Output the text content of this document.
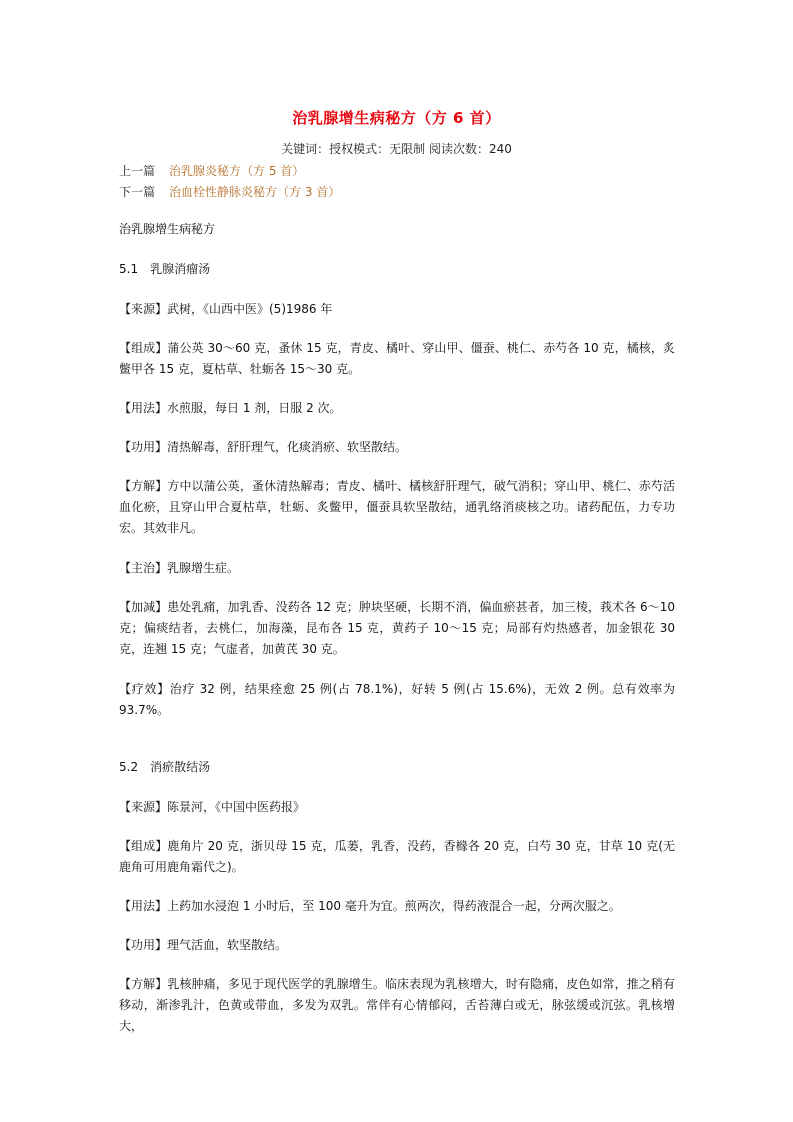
治乳腺增生病秘方（方 6 首）
关键词：授权模式：无限制 阅读次数：240
上一篇 治乳腺炎秘方（方 5 首）
下一篇 治血栓性静脉炎秘方（方 3 首）
治乳腺增生病秘方
5.1　乳腺消瘤汤
【来源】武树，《山西中医》(5)1986 年
【组成】蒲公英 30～60 克，蚤休 15 克，青皮、橘叶、穿山甲、僵蚕、桃仁、赤芍各 10 克，橘核，炙鳖甲各 15 克，夏枯草、牡蛎各 15～30 克。
【用法】水煎服，每日 1 剂，日服 2 次。
【功用】清热解毒，舒肝理气，化痰消瘀、软坚散结。
【方解】方中以蒲公英，蚤休清热解毒；青皮、橘叶、橘核舒肝理气，破气消积；穿山甲、桃仁、赤芍活血化瘀，且穿山甲合夏枯草，牡蛎、炙鳖甲，僵蚕具软坚散结，通乳络消痰核之功。诸药配伍，力专功宏。其效非凡。
【主治】乳腺增生症。
【加减】患处乳痛，加乳香、没药各 12 克；肿块坚硬，长期不消，偏血瘀甚者，加三棱，莪术各 6～10 克；偏痰结者，去桃仁，加海藻，昆布各 15 克，黄药子 10～15 克；局部有灼热感者，加金银花 30 克，连翘 15 克；气虚者，加黄芪 30 克。
【疗效】治疗 32 例，结果痊愈 25 例(占 78.1%)，好转 5 例(占 15.6%)，无效 2 例。总有效率为 93.7%。
5.2　消瘀散结汤
【来源】陈景河，《中国中医药报》
【组成】鹿角片 20 克，浙贝母 15 克，瓜蒌，乳香，没药，香橼各 20 克，白芍 30 克，甘草 10 克(无鹿角可用鹿角霜代之)。
【用法】上药加水浸泡 1 小时后，至 100 毫升为宜。煎两次，得药液混合一起，分两次服之。
【功用】理气活血，软坚散结。
【方解】乳核肿痛，多见于现代医学的乳腺增生。临床表现为乳核增大，时有隐痛，皮色如常，推之稍有移动，渐渗乳汁，色黄或带血，多发为双乳。常伴有心情郁闷，舌苔薄白或无，脉弦缓或沉弦。乳核增大，
